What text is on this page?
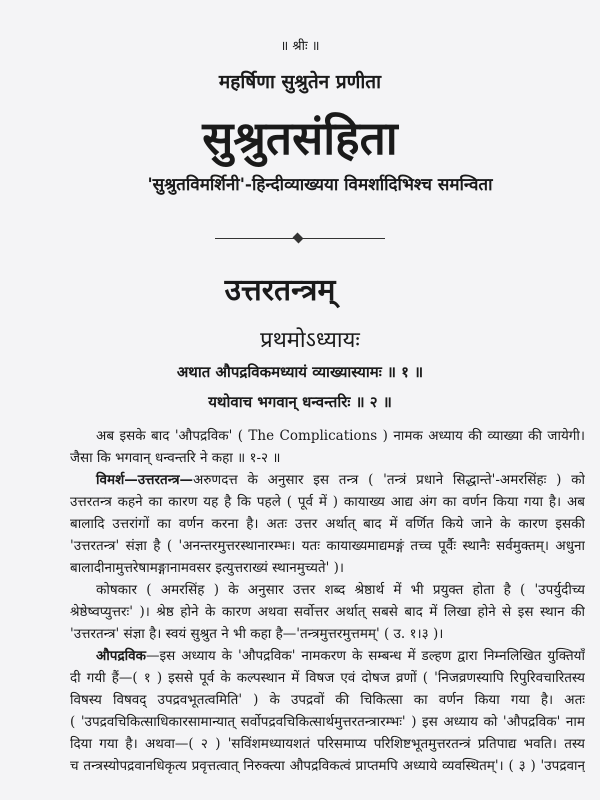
॥ श्रीः ॥
महर्षिणा सुश्रुतेन प्रणीता
सुश्रुतसंहिता
'सुश्रुतविमर्शिनी'-हिन्दीव्याख्यया विमर्शादिभिश्च समन्विता
उत्तरतन्त्रम्
प्रथमोऽध्यायः
अथात औपद्रविकमध्यायं व्याख्यास्यामः ॥ १ ॥
यथोवाच भगवान् धन्वन्तरिः ॥ २ ॥
अब इसके बाद 'औपद्रविक' ( The Complications ) नामक अध्याय की व्याख्या की जायेगी।
जैसा कि भगवान् धन्वन्तरि ने कहा ॥ १-२ ॥
विमर्श—उत्तरतन्त्र—अरुणदत्त के अनुसार इस तन्त्र ( 'तन्त्रं प्रधाने सिद्धान्ते'-अमरसिंहः ) को
उत्तरतन्त्र कहने का कारण यह है कि पहले ( पूर्व में ) कायाख्य आद्य अंग का वर्णन किया गया है। अब
बालादि उत्तरांगों का वर्णन करना है। अतः उत्तर अर्थात् बाद में वर्णित किये जाने के कारण इसकी
'उत्तरतन्त्र' संज्ञा है ( 'अनन्तरमुत्तरस्थानारम्भः। यतः कायाख्यमाद्यमङ्गं तच्च पूर्वैः स्थानैः सर्वमुक्तम्। अधुना
बालादीनामुत्तरेषामङ्गानामवसर इत्युत्तराख्यं स्थानमुच्यते' )।
कोषकार ( अमरसिंह ) के अनुसार उत्तर शब्द श्रेष्ठार्थ में भी प्रयुक्त होता है ( 'उपर्युदीच्य
श्रेष्ठेष्वप्युत्तरः' )। श्रेष्ठ होने के कारण अथवा सर्वोत्तर अर्थात् सबसे बाद में लिखा होने से इस स्थान की
'उत्तरतन्त्र' संज्ञा है। स्वयं सुश्रुत ने भी कहा है—'तन्त्रमुत्तरमुत्तमम्' ( उ. १।३ )।
औपद्रविक—इस अध्याय के 'औपद्रविक' नामकरण के सम्बन्ध में डल्हण द्वारा निम्नलिखित युक्तियाँ
दी गयी हैं—( १ ) इससे पूर्व के कल्पस्थान में विषज एवं दोषज व्रणों ( 'निजव्रणस्यापि रिपुरिवचारितस्य
विषस्य विषवद् उपद्रवभूतत्वमिति' ) के उपद्रवों की चिकित्सा का वर्णन किया गया है। अतः
( 'उपद्रवचिकित्साधिकारसामान्यात् सर्वोपद्रवचिकित्सार्थमुत्तरतन्त्रारम्भः' ) इस अध्याय को 'औपद्रविक' नाम
दिया गया है। अथवा—( २ ) 'सविंशमध्यायशतं परिसमाप्य परिशिष्टभूतमुत्तरतन्त्रं प्रतिपाद्य भवति। तस्य
च तन्त्रस्योपद्रवानधिकृत्य प्रवृत्तत्वात् निरुक्त्या औपद्रविकत्वं प्राप्तमपि अध्याये व्यवस्थितम्'। ( ३ ) 'उपद्रवान्
